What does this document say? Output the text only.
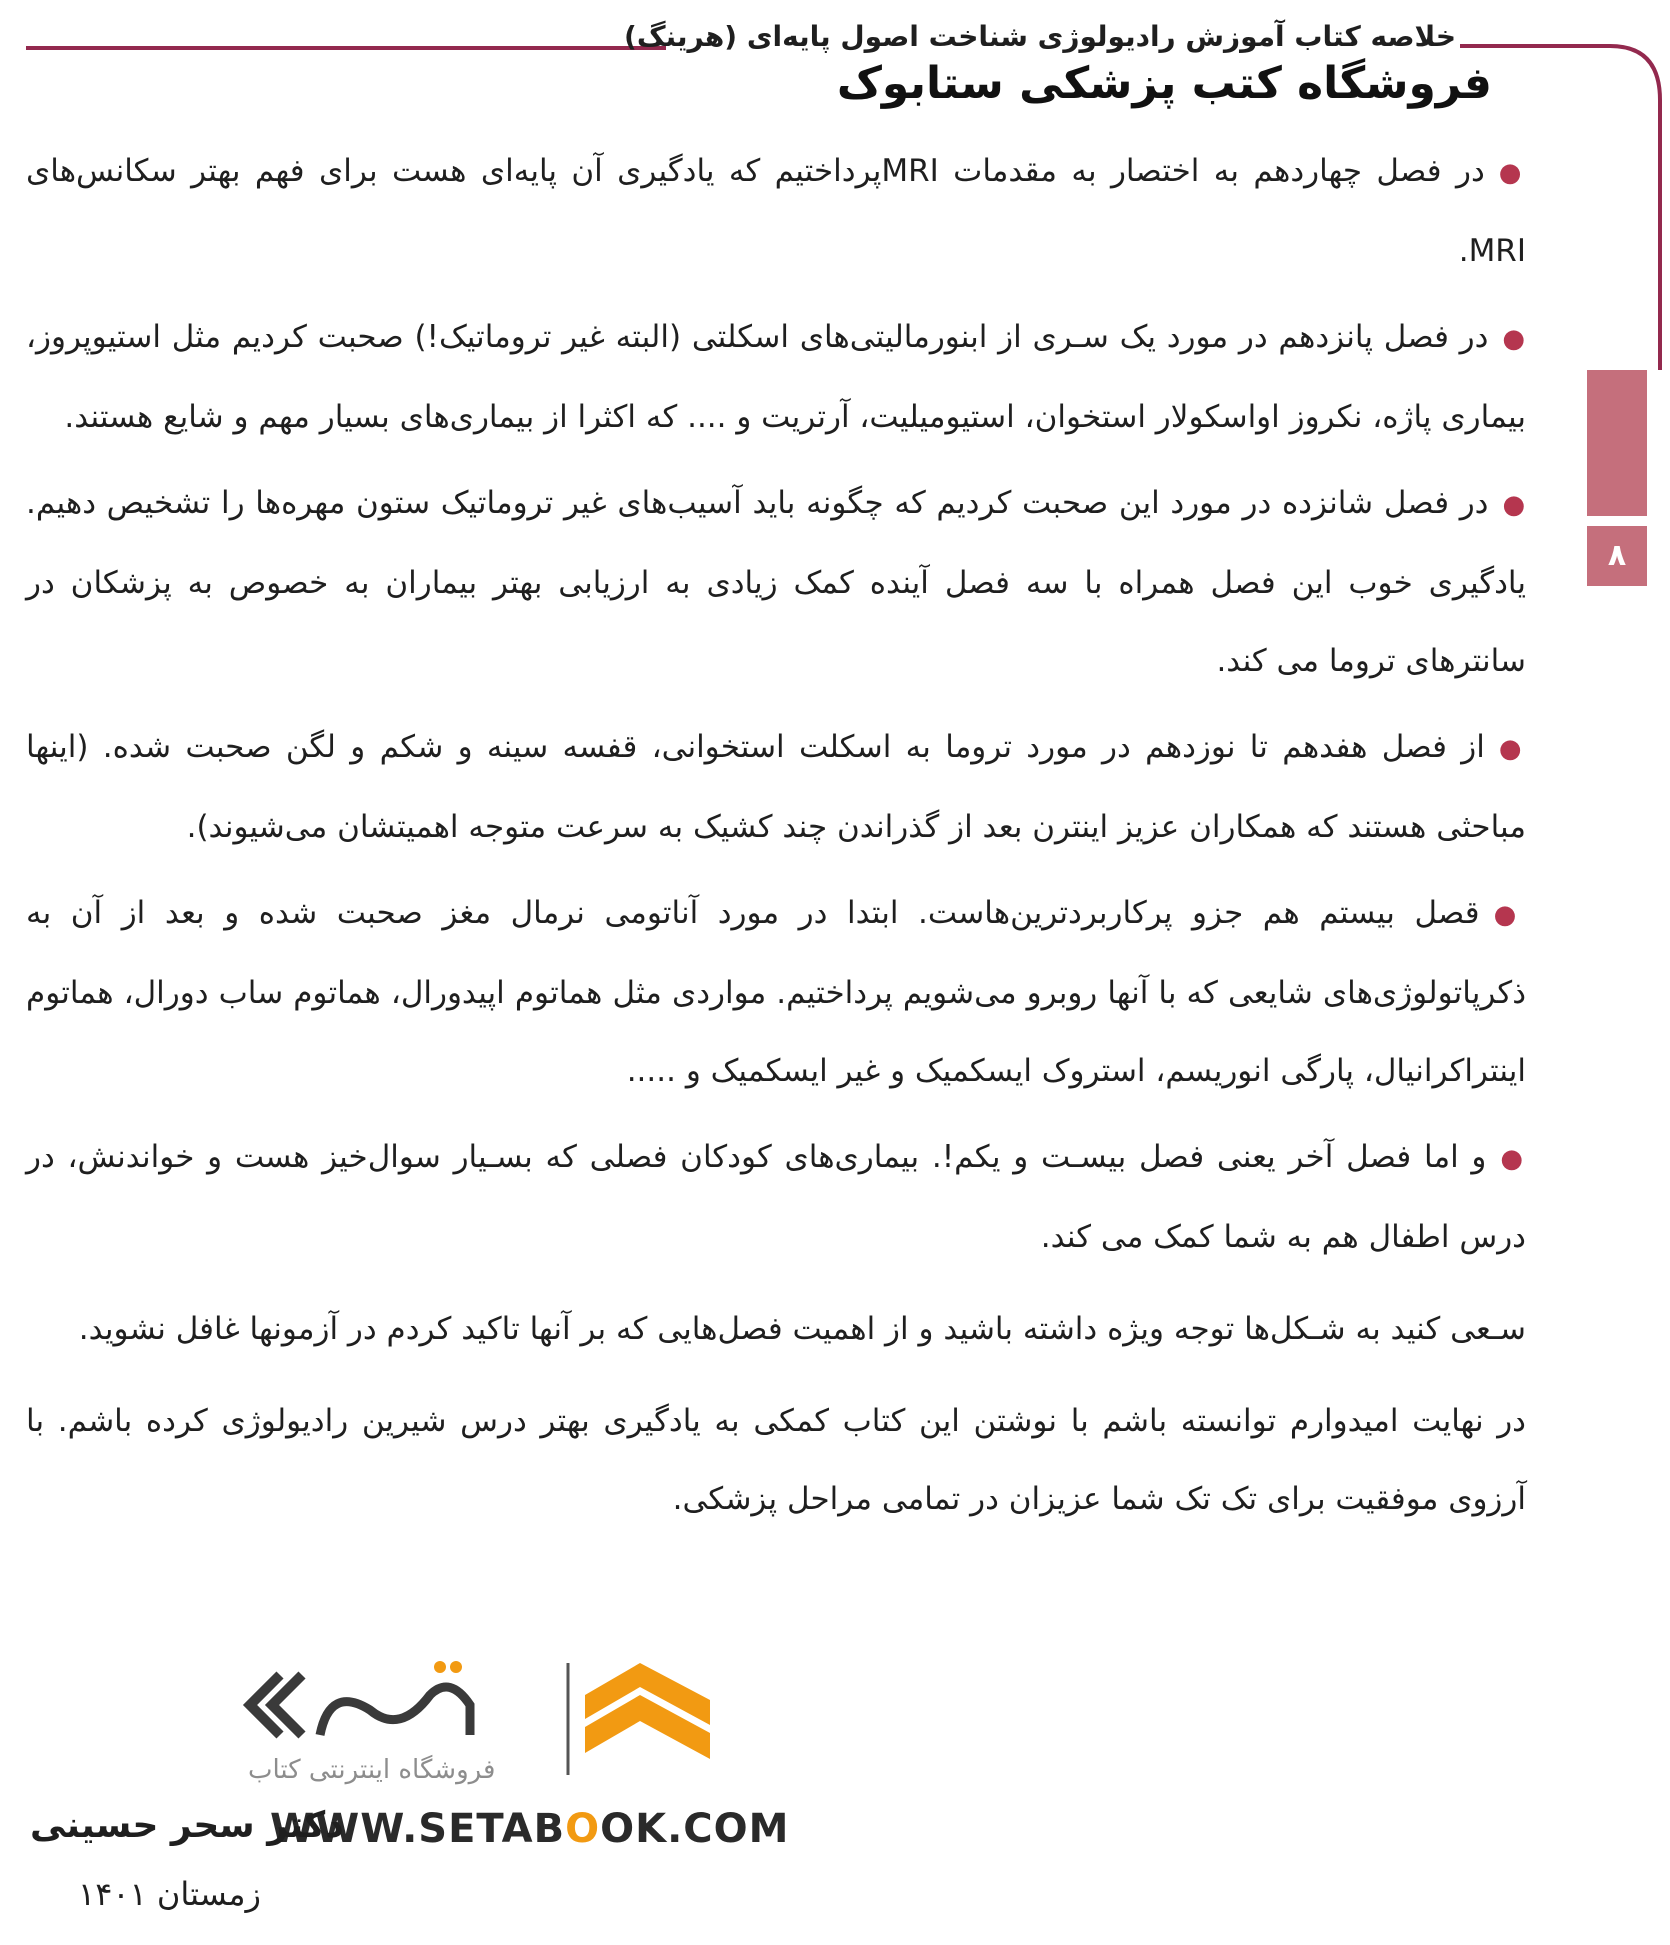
خلاصه کتاب آموزش رادیولوژی شناخت اصول پایه‌ای (هرینگ)
فروشگاه کتب پزشکی ستابوک
۸

●در فصل چهاردهم به اختصار به مقدمات MRIپرداختیم که یادگیری آن پایه‌ای هست برای فهم بهتر سکانس‌های MRI.

●در فصل پانزدهم در مورد یک سـری از ابنورمالیتی‌های اسکلتی (البته غیر تروماتیک!) صحبت کردیم مثل استیوپروز، بیماری پاژه، نکروز اواسکولار استخوان، استیومیلیت، آرتریت و .... که اکثرا از بیماری‌های بسیار مهم و شایع هستند.

●در فصل شانزده در مورد این صحبت کردیم که چگونه باید آسیب‌های غیر تروماتیک ستون مهره‌ها را تشخیص دهیم. یادگیری خوب این فصل همراه با سه فصل آینده کمک زیادی به ارزیابی بهتر بیماران به خصوص به پزشکان در سانترهای تروما می کند.

●از فصل هفدهم تا نوزدهم در مورد تروما به اسکلت استخوانی، قفسه سینه و شکم و لگن صحبت شده. (اینها مباحثی هستند که همکاران عزیز اینترن بعد از گذراندن چند کشیک به سرعت متوجه اهمیتشان می‌شیوند).

●قصل بیستم هم جزو پرکاربردترین‌هاست. ابتدا در مورد آناتومی نرمال مغز صحبت شده و بعد از آن به ذکرپاتولوژی‌های شایعی که با آنها روبرو می‌شویم پرداختیم. مواردی مثل هماتوم اپیدورال، هماتوم ساب دورال، هماتوم اینتراکرانیال، پارگی انوریسم، استروک ایسکمیک و غیر ایسکمیک و .....

●و اما فصل آخر یعنی فصل بیسـت و یکم!. بیماری‌های کودکان فصلی که بسـیار سوال‌خیز هست و خواندنش، در درس اطفال هم به شما کمک می کند.

سـعی کنید به شـکل‌ها توجه ویژه داشته باشید و از اهمیت فصل‌هایی که بر آنها تاکید کردم در آزمونها غافل نشوید.

در نهایت امیدوارم توانسته باشم با نوشتن این کتاب کمکی به یادگیری بهتر درس شیرین رادیولوژی کرده باشم. با آرزوی موفقیت برای تک تک شما عزیزان در تمامی مراحل پزشکی.

فروشگاه اینترنتی کتاب
WWW.SETABOOK.COM
دکتر سحر حسینی
زمستان ۱۴۰۱
